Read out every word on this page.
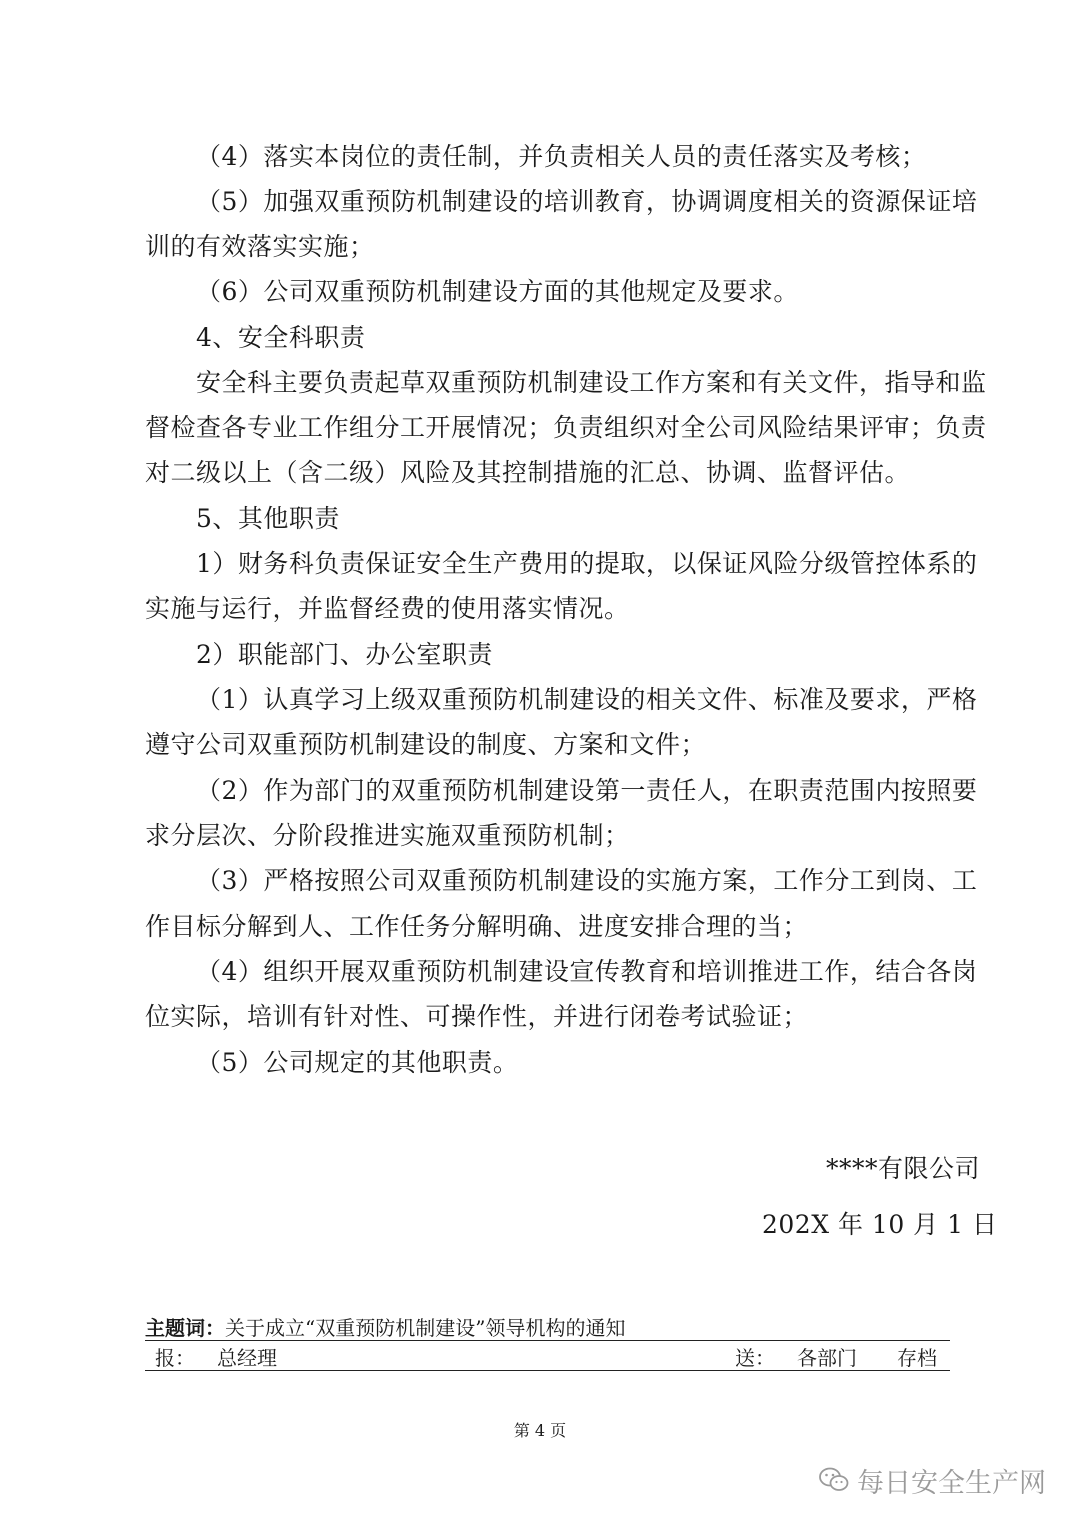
（4）落实本岗位的责任制，并负责相关人员的责任落实及考核；
（5）加强双重预防机制建设的培训教育，协调调度相关的资源保证培
训的有效落实实施；
（6）公司双重预防机制建设方面的其他规定及要求。
4、安全科职责
安全科主要负责起草双重预防机制建设工作方案和有关文件，指导和监
督检查各专业工作组分工开展情况；负责组织对全公司风险结果评审；负责
对二级以上（含二级）风险及其控制措施的汇总、协调、监督评估。
5、其他职责
1）财务科负责保证安全生产费用的提取，以保证风险分级管控体系的
实施与运行，并监督经费的使用落实情况。
2）职能部门、办公室职责
（1）认真学习上级双重预防机制建设的相关文件、标准及要求，严格
遵守公司双重预防机制建设的制度、方案和文件；
（2）作为部门的双重预防机制建设第一责任人，在职责范围内按照要
求分层次、分阶段推进实施双重预防机制；
（3）严格按照公司双重预防机制建设的实施方案，工作分工到岗、工
作目标分解到人、工作任务分解明确、进度安排合理的当；
（4）组织开展双重预防机制建设宣传教育和培训推进工作，结合各岗
位实际，培训有针对性、可操作性，并进行闭卷考试验证；
（5）公司规定的其他职责。
****有限公司
202X 年 10 月 1 日
主题词：关于成立“双重预防机制建设”领导机构的通知
报： 总经理	送： 各部门 存档
第 4 页
每日安全生产网
